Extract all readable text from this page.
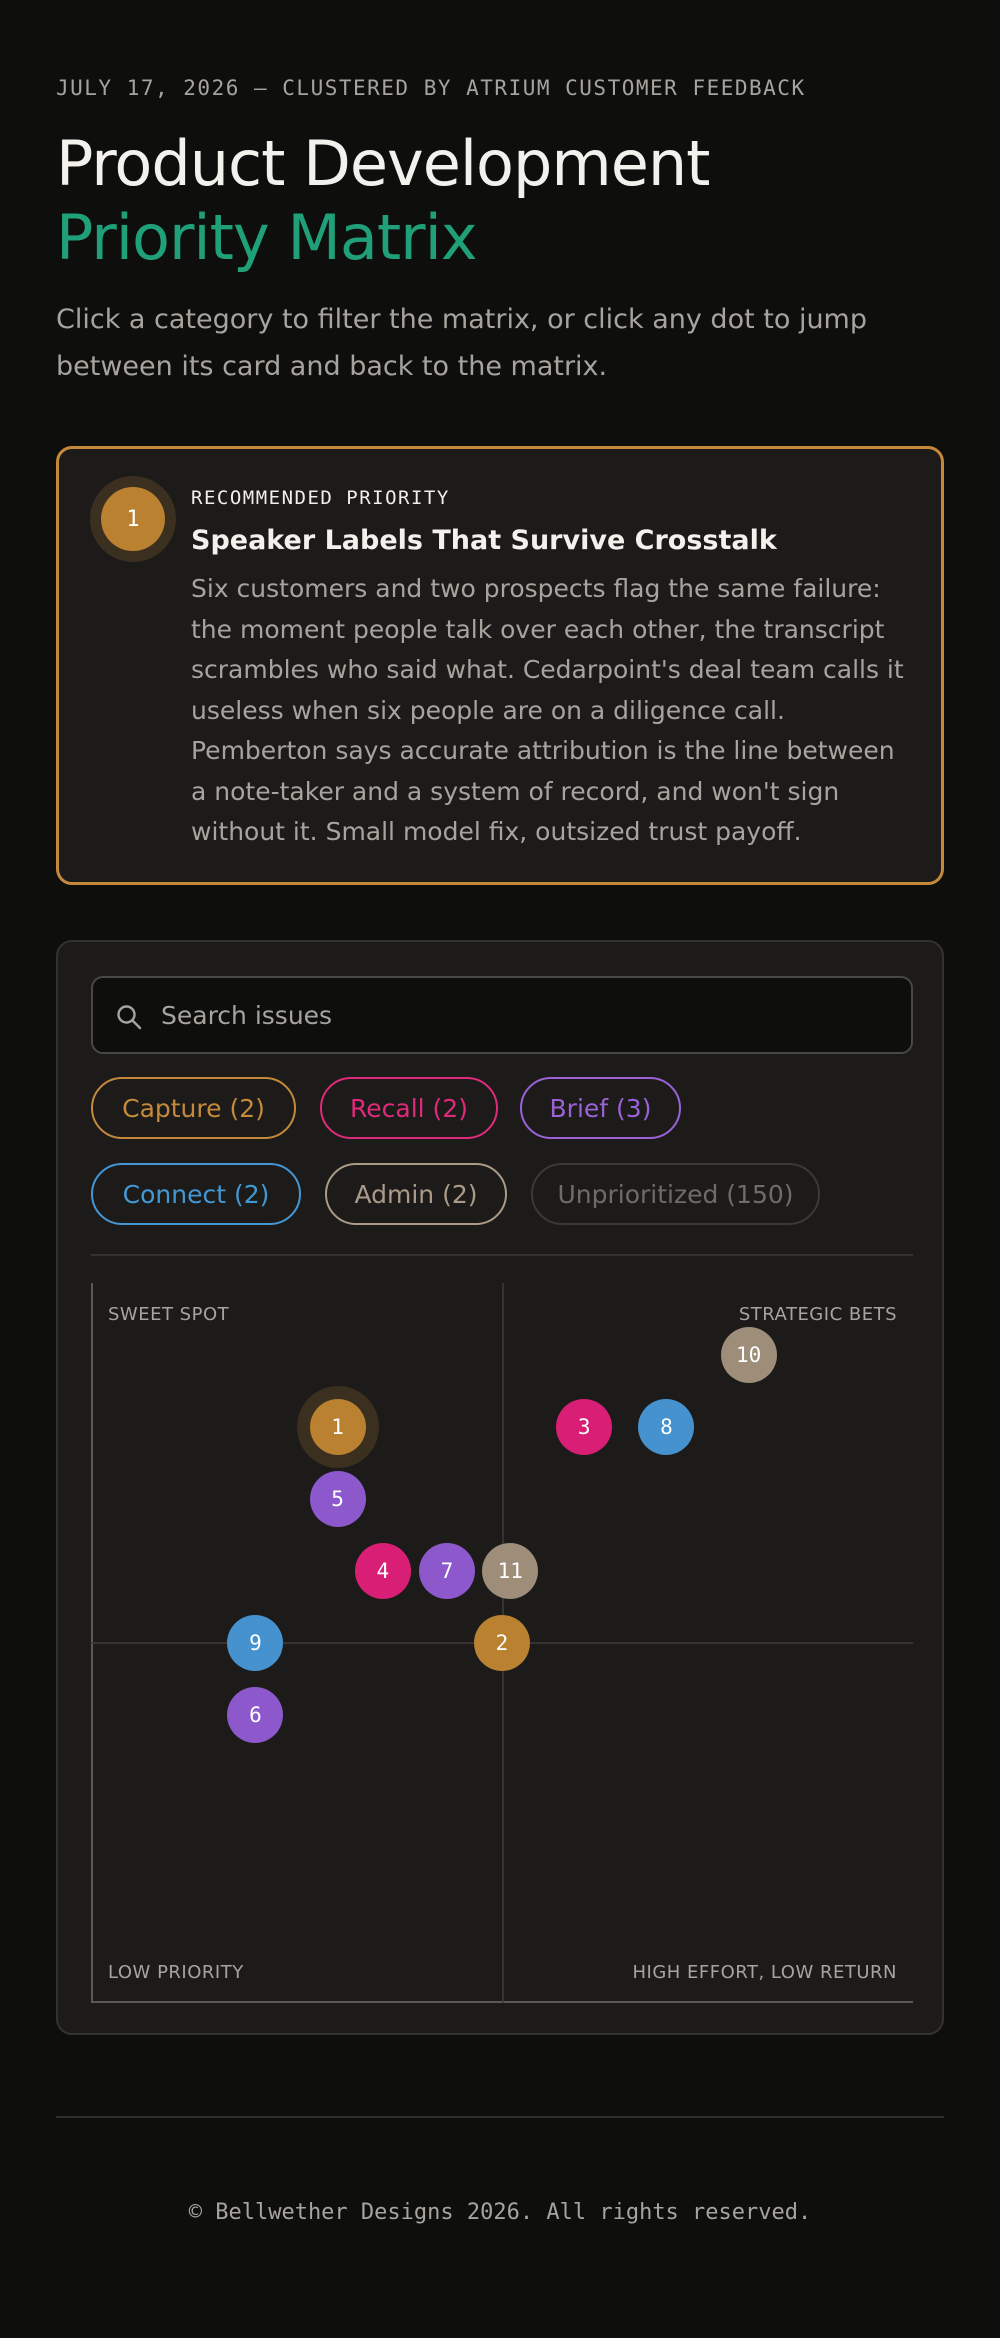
JULY 17, 2026 — CLUSTERED BY ATRIUM CUSTOMER FEEDBACK
Product Development
Priority Matrix

Click a category to filter the matrix, or click any dot to jump between its card and back to the matrix.

1
RECOMMENDED PRIORITY
Speaker Labels That Survive Crosstalk

Six customers and two prospects flag the same failure: the moment people talk over each other, the transcript scrambles who said what. Cedarpoint's deal team calls it useless when six people are on a diligence call. Pemberton says accurate attribution is the line between a note-taker and a system of record, and won't sign without it. Small model fix, outsized trust payoff.

Search issues
Capture (2)	Recall (2)	Brief (3)
Connect (2)	Admin (2)	Unprioritized (150)
SWEET SPOT	STRATEGIC BETS
LOW PRIORITY	HIGH EFFORT, LOW RETURN
1
2
3
4
5
6
7
8
9
10
11
© Bellwether Designs 2026. All rights reserved.
